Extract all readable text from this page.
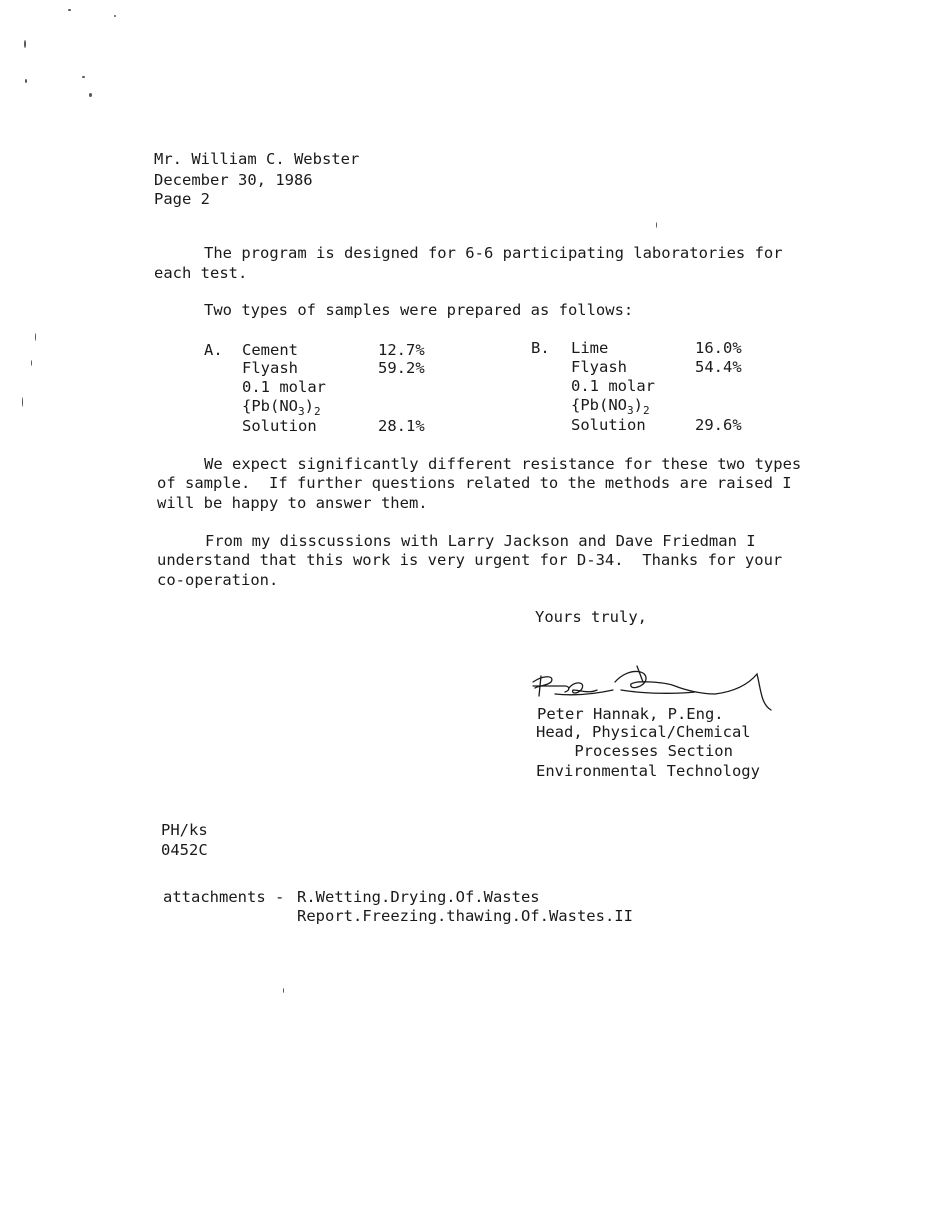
Mr. William C. Webster
December 30, 1986
Page 2
The program is designed for 6-6 participating laboratories for
each test.
Two types of samples were prepared as follows:
A. Cement	12.7%
Flyash	59.2%
0.1 molar
{$Pb(NO_3)_2$
Solution	28.1%
B. Lime	16.0%
Flyash	54.4%
0.1 molar
{$Pb(NO_3)_2$
Solution	29.6%
We expect significantly different resistance for these two types
of sample.  If further questions related to the methods are raised I
will be happy to answer them.
From my disscussions with Larry Jackson and Dave Friedman I
understand that this work is very urgent for D-34.  Thanks for your
co-operation.
Yours truly,
Peter Hannak, P.Eng.
Head, Physical/Chemical
Processes Section
Environmental Technology
PH/ks
0452C
attachments - R.Wetting.Drying.Of.Wastes
Report.Freezing.thawing.Of.Wastes.II
